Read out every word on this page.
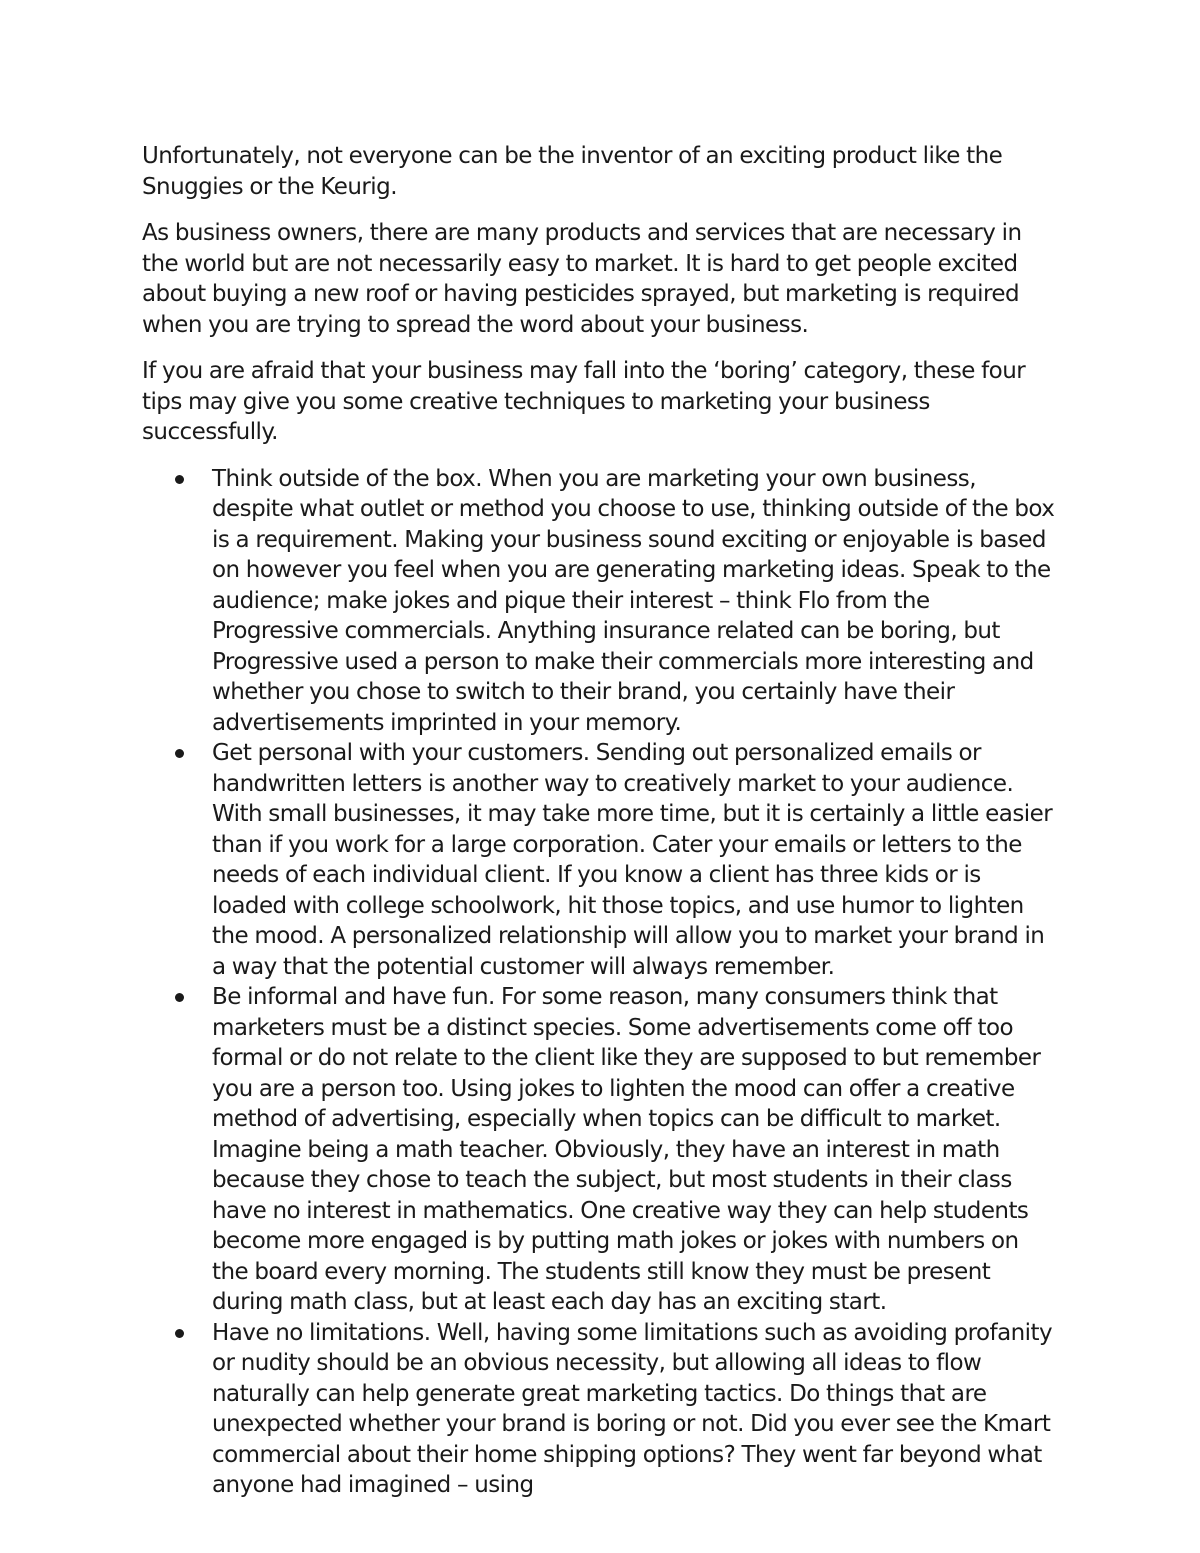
Unfortunately, not everyone can be the inventor of an exciting product like the Snuggies or the Keurig.

As business owners, there are many products and services that are necessary in the world but are not necessarily easy to market. It is hard to get people excited about buying a new roof or having pesticides sprayed, but marketing is required when you are trying to spread the word about your business.

If you are afraid that your business may fall into the ‘boring’ category, these four tips may give you some creative techniques to marketing your business successfully.

Think outside of the box. When you are marketing your own business, despite what outlet or method you choose to use, thinking outside of the box is a requirement. Making your business sound exciting or enjoyable is based on however you feel when you are generating marketing ideas. Speak to the audience; make jokes and pique their interest – think Flo from the Progressive commercials. Anything insurance related can be boring, but Progressive used a person to make their commercials more interesting and whether you chose to switch to their brand, you certainly have their advertisements imprinted in your memory.
Get personal with your customers. Sending out personalized emails or handwritten letters is another way to creatively market to your audience. With small businesses, it may take more time, but it is certainly a little easier than if you work for a large corporation. Cater your emails or letters to the needs of each individual client. If you know a client has three kids or is loaded with college schoolwork, hit those topics, and use humor to lighten the mood. A personalized relationship will allow you to market your brand in a way that the potential customer will always remember.
Be informal and have fun. For some reason, many consumers think that marketers must be a distinct species. Some advertisements come off too formal or do not relate to the client like they are supposed to but remember you are a person too. Using jokes to lighten the mood can offer a creative method of advertising, especially when topics can be difficult to market. Imagine being a math teacher. Obviously, they have an interest in math because they chose to teach the subject, but most students in their class have no interest in mathematics. One creative way they can help students become more engaged is by putting math jokes or jokes with numbers on the board every morning. The students still know they must be present during math class, but at least each day has an exciting start.
Have no limitations. Well, having some limitations such as avoiding profanity or nudity should be an obvious necessity, but allowing all ideas to flow naturally can help generate great marketing tactics. Do things that are unexpected whether your brand is boring or not. Did you ever see the Kmart commercial about their home shipping options? They went far beyond what anyone had imagined – using
